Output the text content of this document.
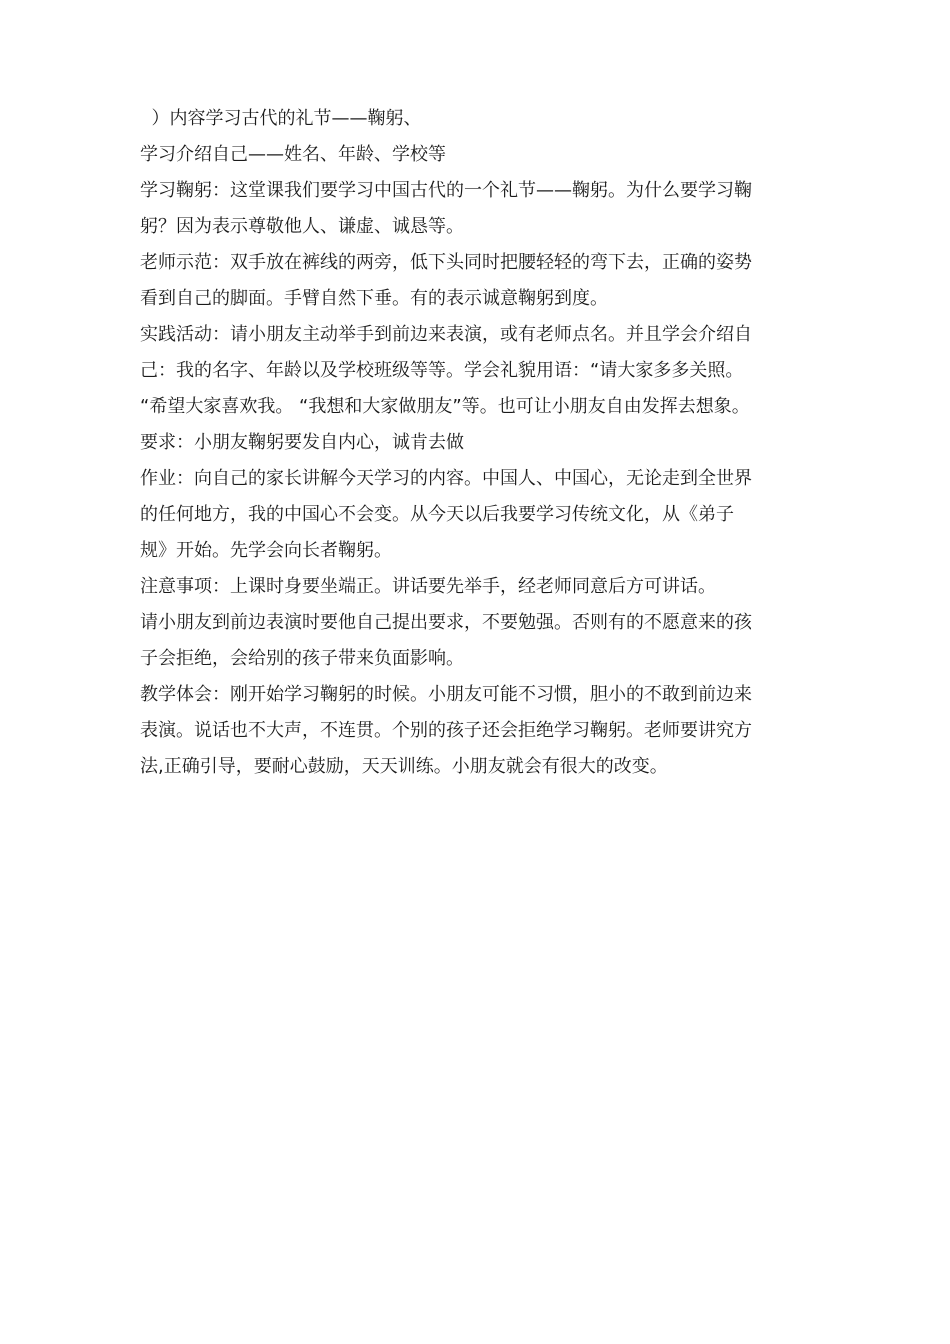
）内容学习古代的礼节——鞠躬、
学习介绍自己——姓名、年龄、学校等
学习鞠躬：这堂课我们要学习中国古代的一个礼节——鞠躬。为什么要学习鞠
躬？因为表示尊敬他人、谦虚、诚恳等。
老师示范：双手放在裤线的两旁，低下头同时把腰轻轻的弯下去，正确的姿势
看到自己的脚面。手臂自然下垂。有的表示诚意鞠躬到度。
实践活动：请小朋友主动举手到前边来表演，或有老师点名。并且学会介绍自
己：我的名字、年龄以及学校班级等等。学会礼貌用语：“请大家多多关照。
“希望大家喜欢我。 “我想和大家做朋友”等。也可让小朋友自由发挥去想象。
要求：小朋友鞠躬要发自内心，诚肯去做
作业：向自己的家长讲解今天学习的内容。中国人、中国心，无论走到全世界
的任何地方，我的中国心不会变。从今天以后我要学习传统文化，从《弟子
规》开始。先学会向长者鞠躬。
注意事项：上课时身要坐端正。讲话要先举手，经老师同意后方可讲话。
请小朋友到前边表演时要他自己提出要求，不要勉强。否则有的不愿意来的孩
子会拒绝，会给别的孩子带来负面影响。
教学体会：刚开始学习鞠躬的时候。小朋友可能不习惯，胆小的不敢到前边来
表演。说话也不大声，不连贯。个别的孩子还会拒绝学习鞠躬。老师要讲究方
法,正确引导，要耐心鼓励，天天训练。小朋友就会有很大的改变。
